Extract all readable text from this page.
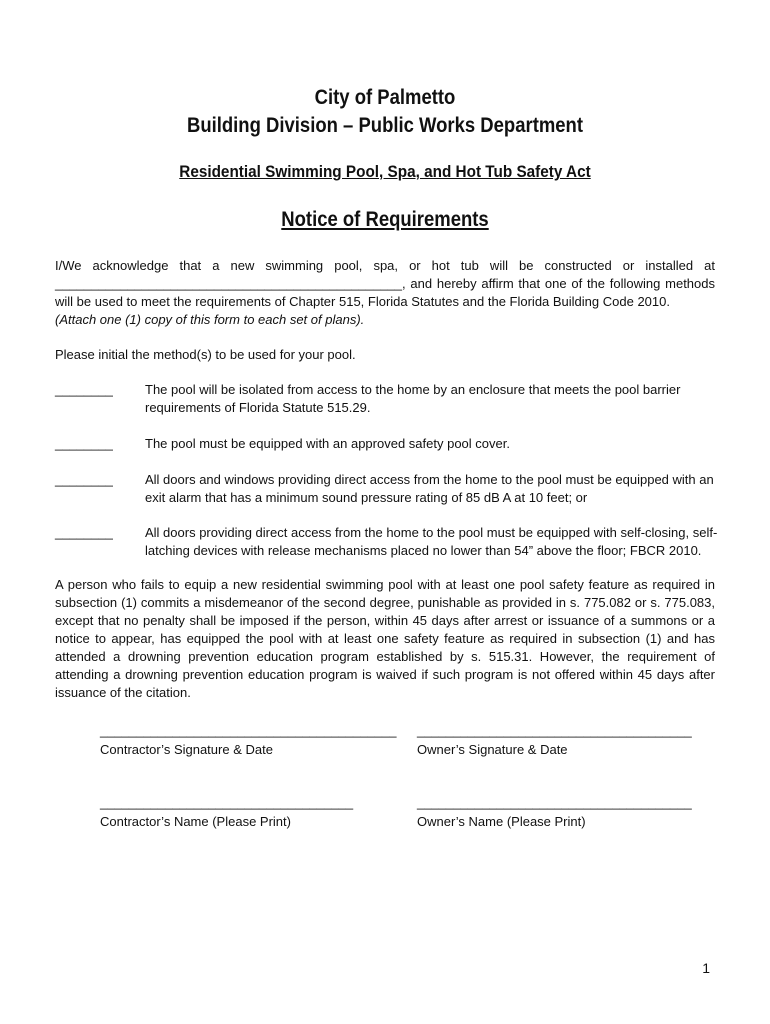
City of Palmetto
Building Division – Public Works Department
Residential Swimming Pool, Spa, and Hot Tub Safety Act
Notice of Requirements
I/We acknowledge that a new swimming pool, spa, or hot tub will be constructed or installed at
________________________________________________, and hereby affirm that one of the following methods
will be used to meet the requirements of Chapter 515, Florida Statutes and the Florida Building Code 2010.
(Attach one (1) copy of this form to each set of plans).
Please initial the method(s) to be used for your pool.
________ The pool will be isolated from access to the home by an enclosure that meets the pool barrier requirements of Florida Statute 515.29.
________ The pool must be equipped with an approved safety pool cover.
________ All doors and windows providing direct access from the home to the pool must be equipped with an exit alarm that has a minimum sound pressure rating of 85 dB A at 10 feet; or
________ All doors providing direct access from the home to the pool must be equipped with self-closing, self-latching devices with release mechanisms placed no lower than 54” above the floor; FBCR 2010.
A person who fails to equip a new residential swimming pool with at least one pool safety feature as required in subsection (1) commits a misdemeanor of the second degree, punishable as provided in s. 775.082 or s. 775.083, except that no penalty shall be imposed if the person, within 45 days after arrest or issuance of a summons or a notice to appear, has equipped the pool with at least one safety feature as required in subsection (1) and has attended a drowning prevention education program established by s. 515.31. However, the requirement of attending a drowning prevention education program is waived if such program is not offered within 45 days after issuance of the citation.
_________________________________________
Contractor’s Signature & Date
______________________________________
Owner’s Signature & Date
___________________________________
Contractor’s Name (Please Print)
______________________________________
Owner’s Name (Please Print)
1
